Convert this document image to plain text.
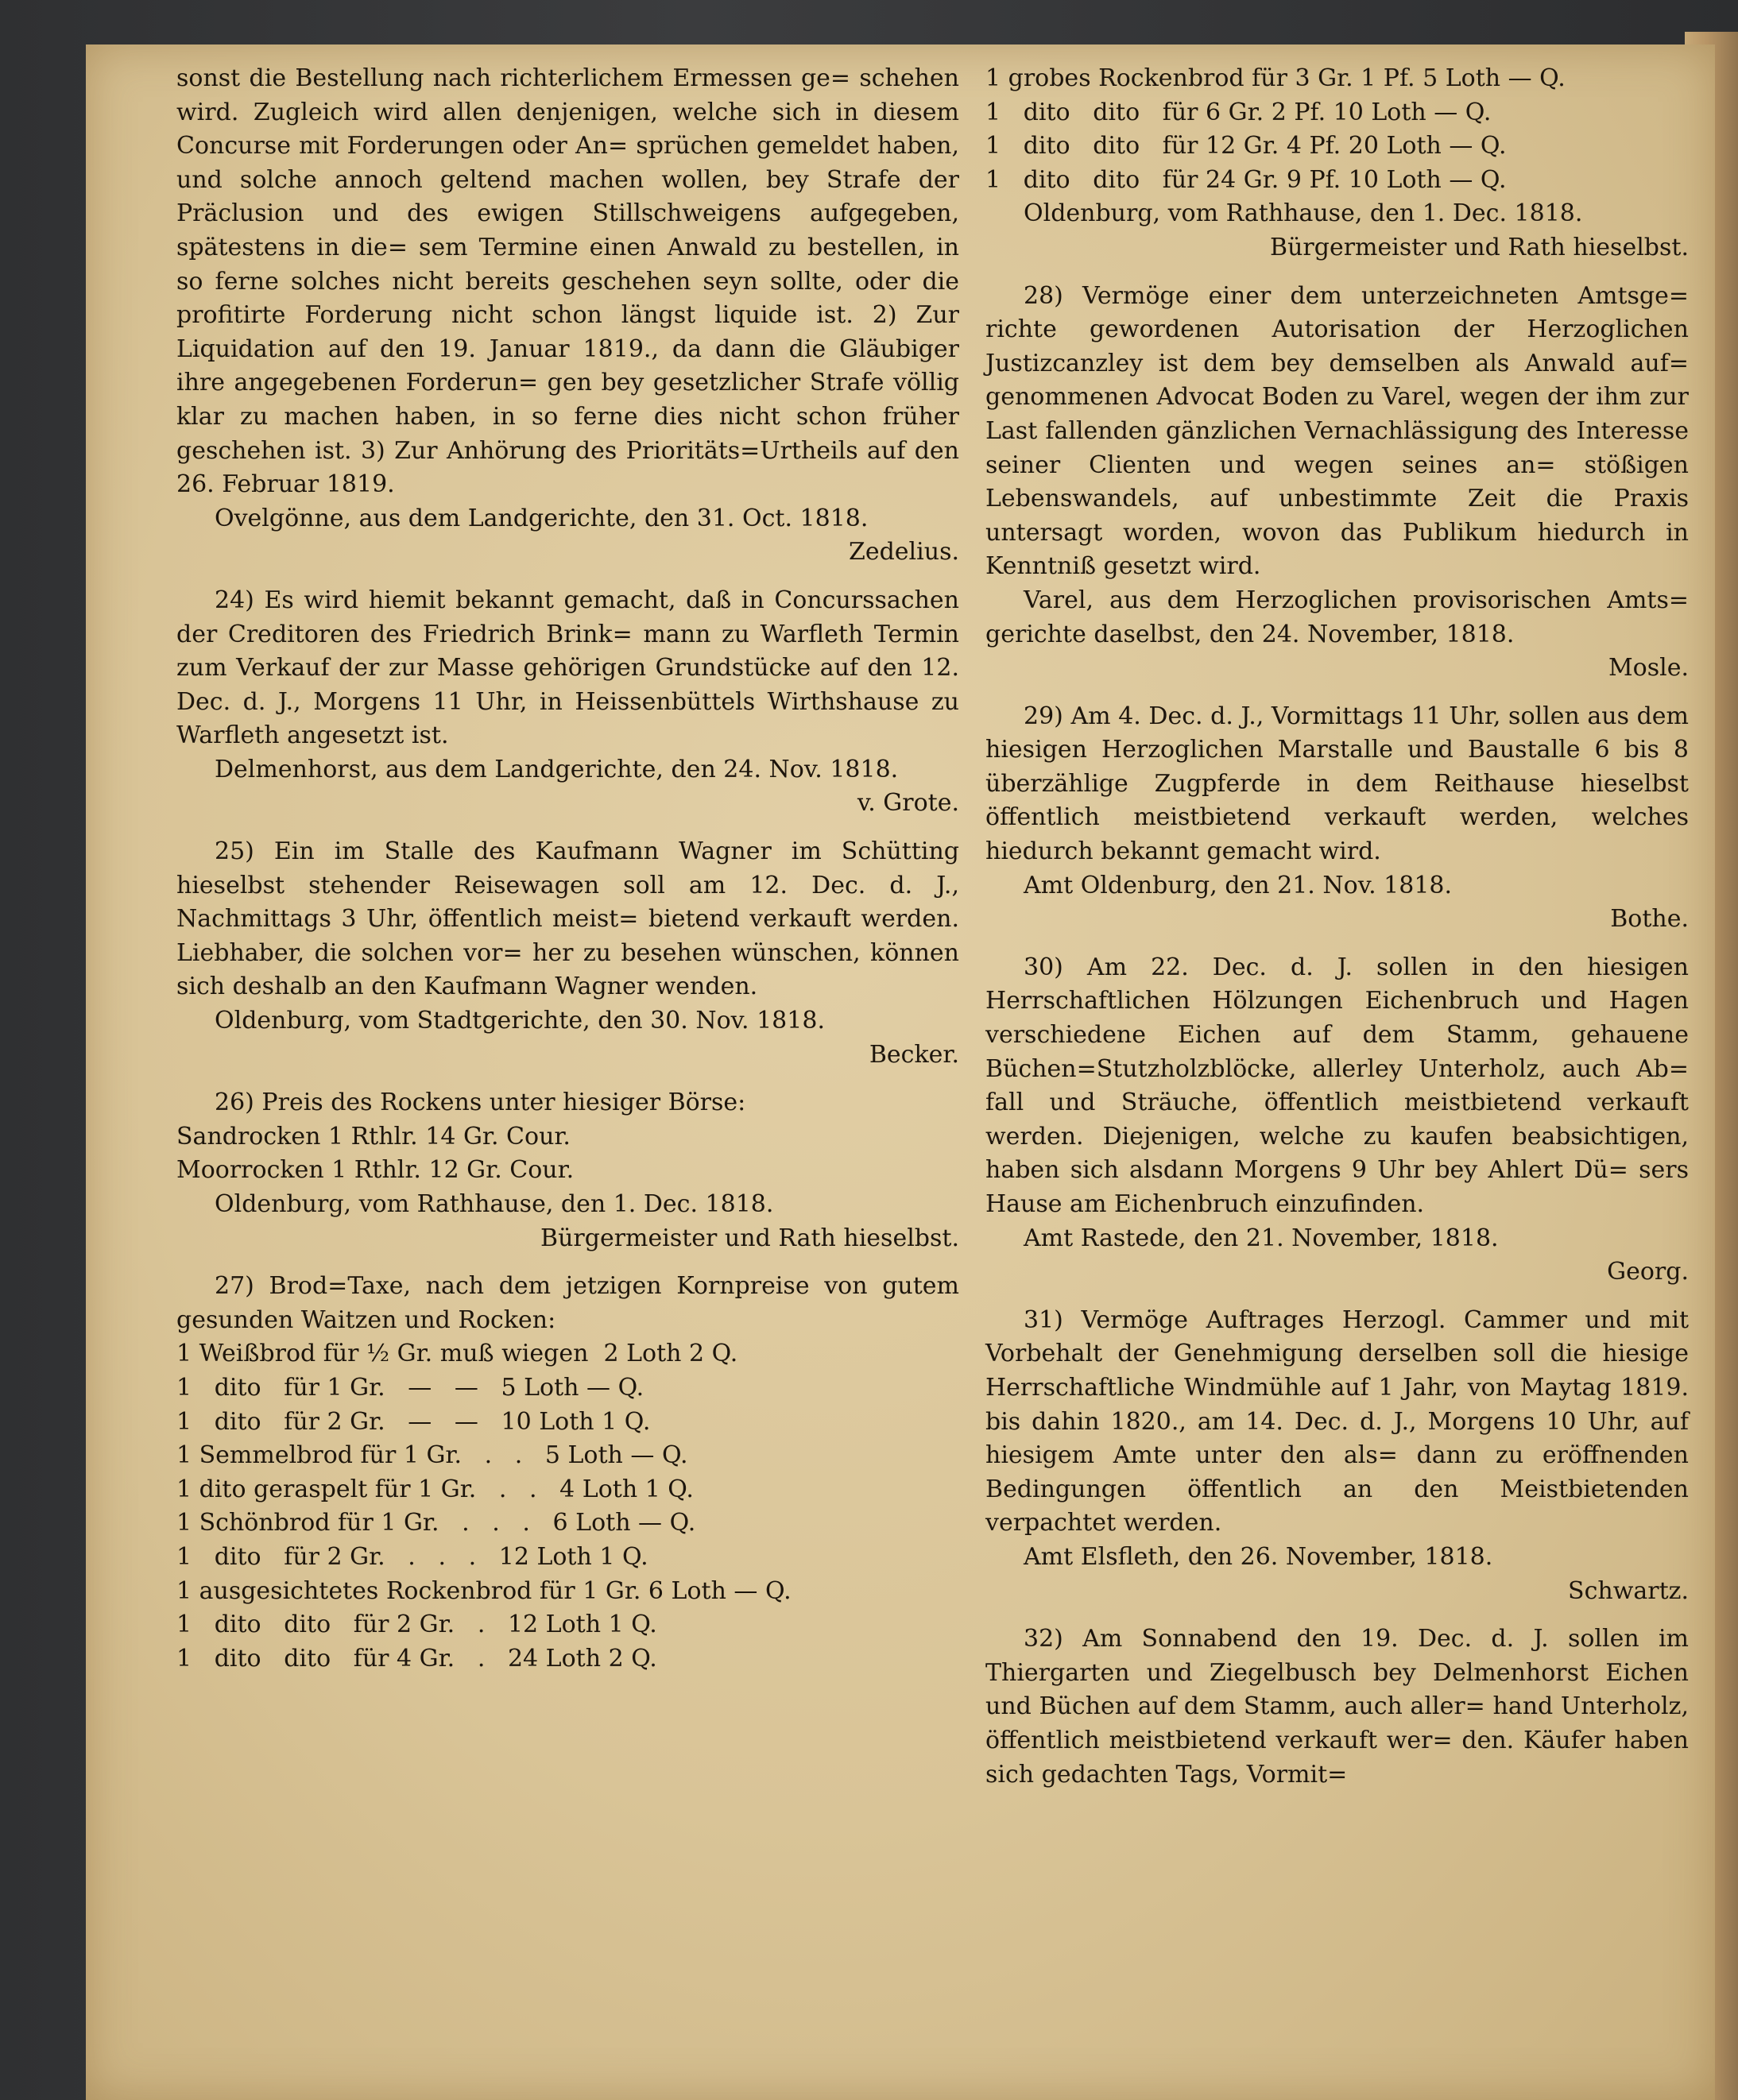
sonst die Bestellung nach richterlichem Ermessen ge= schehen wird. Zugleich wird allen denjenigen, welche sich in diesem Concurse mit Forderungen oder An= sprüchen gemeldet haben, und solche annoch geltend machen wollen, bey Strafe der Präclusion und des ewigen Stillschweigens aufgegeben, spätestens in die= sem Termine einen Anwald zu bestellen, in so ferne solches nicht bereits geschehen seyn sollte, oder die profitirte Forderung nicht schon längst liquide ist. 2) Zur Liquidation auf den 19. Januar 1819., da dann die Gläubiger ihre angegebenen Forderun= gen bey gesetzlicher Strafe völlig klar zu machen haben, in so ferne dies nicht schon früher geschehen ist. 3) Zur Anhörung des Prioritäts=Urtheils auf den 26. Februar 1819.

Ovelgönne, aus dem Landgerichte, den 31. Oct. 1818.

Zedelius.

24) Es wird hiemit bekannt gemacht, daß in Concurssachen der Creditoren des Friedrich Brink= mann zu Warfleth Termin zum Verkauf der zur Masse gehörigen Grundstücke auf den 12. Dec. d. J., Morgens 11 Uhr, in Heissenbüttels Wirthshause zu Warfleth angesetzt ist.

Delmenhorst, aus dem Landgerichte, den 24. Nov. 1818.

v. Grote.

25) Ein im Stalle des Kaufmann Wagner im Schütting hieselbst stehender Reisewagen soll am 12. Dec. d. J., Nachmittags 3 Uhr, öffentlich meist= bietend verkauft werden. Liebhaber, die solchen vor= her zu besehen wünschen, können sich deshalb an den Kaufmann Wagner wenden.

Oldenburg, vom Stadtgerichte, den 30. Nov. 1818.

Becker.

26) Preis des Rockens unter hiesiger Börse:

Sandrocken 1 Rthlr. 14 Gr. Cour.

Moorrocken 1 Rthlr. 12 Gr. Cour.

Oldenburg, vom Rathhause, den 1. Dec. 1818.

Bürgermeister und Rath hieselbst.

27) Brod=Taxe, nach dem jetzigen Kornpreise von gutem gesunden Waitzen und Rocken:

1 Weißbrod für ½ Gr. muß wiegen  2 Loth 2 Q.

1   dito   für 1 Gr.   —   —   5 Loth — Q.

1   dito   für 2 Gr.   —   —   10 Loth 1 Q.

1 Semmelbrod für 1 Gr.   .   .   5 Loth — Q.

1 dito geraspelt für 1 Gr.   .   .   4 Loth 1 Q.

1 Schönbrod für 1 Gr.   .   .   .   6 Loth — Q.

1   dito   für 2 Gr.   .   .   .   12 Loth 1 Q.

1 ausgesichtetes Rockenbrod für 1 Gr. 6 Loth — Q.

1   dito   dito   für 2 Gr.   .   12 Loth 1 Q.

1   dito   dito   für 4 Gr.   .   24 Loth 2 Q.

1 grobes Rockenbrod für 3 Gr. 1 Pf. 5 Loth — Q.

1   dito   dito   für 6 Gr. 2 Pf. 10 Loth — Q.

1   dito   dito   für 12 Gr. 4 Pf. 20 Loth — Q.

1   dito   dito   für 24 Gr. 9 Pf. 10 Loth — Q.

Oldenburg, vom Rathhause, den 1. Dec. 1818.

Bürgermeister und Rath hieselbst.

28) Vermöge einer dem unterzeichneten Amtsge= richte gewordenen Autorisation der Herzoglichen Justizcanzley ist dem bey demselben als Anwald auf= genommenen Advocat Boden zu Varel, wegen der ihm zur Last fallenden gänzlichen Vernachlässigung des Interesse seiner Clienten und wegen seines an= stößigen Lebenswandels, auf unbestimmte Zeit die Praxis untersagt worden, wovon das Publikum hiedurch in Kenntniß gesetzt wird.

Varel, aus dem Herzoglichen provisorischen Amts= gerichte daselbst, den 24. November, 1818.

Mosle.

29) Am 4. Dec. d. J., Vormittags 11 Uhr, sollen aus dem hiesigen Herzoglichen Marstalle und Baustalle 6 bis 8 überzählige Zugpferde in dem Reithause hieselbst öffentlich meistbietend verkauft werden, welches hiedurch bekannt gemacht wird.

Amt Oldenburg, den 21. Nov. 1818.

Bothe.

30) Am 22. Dec. d. J. sollen in den hiesigen Herrschaftlichen Hölzungen Eichenbruch und Hagen verschiedene Eichen auf dem Stamm, gehauene Büchen=Stutzholzblöcke, allerley Unterholz, auch Ab= fall und Sträuche, öffentlich meistbietend verkauft werden. Diejenigen, welche zu kaufen beabsichtigen, haben sich alsdann Morgens 9 Uhr bey Ahlert Dü= sers Hause am Eichenbruch einzufinden.

Amt Rastede, den 21. November, 1818.

Georg.

31) Vermöge Auftrages Herzogl. Cammer und mit Vorbehalt der Genehmigung derselben soll die hiesige Herrschaftliche Windmühle auf 1 Jahr, von Maytag 1819. bis dahin 1820., am 14. Dec. d. J., Morgens 10 Uhr, auf hiesigem Amte unter den als= dann zu eröffnenden Bedingungen öffentlich an den Meistbietenden verpachtet werden.

Amt Elsfleth, den 26. November, 1818.

Schwartz.

32) Am Sonnabend den 19. Dec. d. J. sollen im Thiergarten und Ziegelbusch bey Delmenhorst Eichen und Büchen auf dem Stamm, auch aller= hand Unterholz, öffentlich meistbietend verkauft wer= den. Käufer haben sich gedachten Tags, Vormit=
